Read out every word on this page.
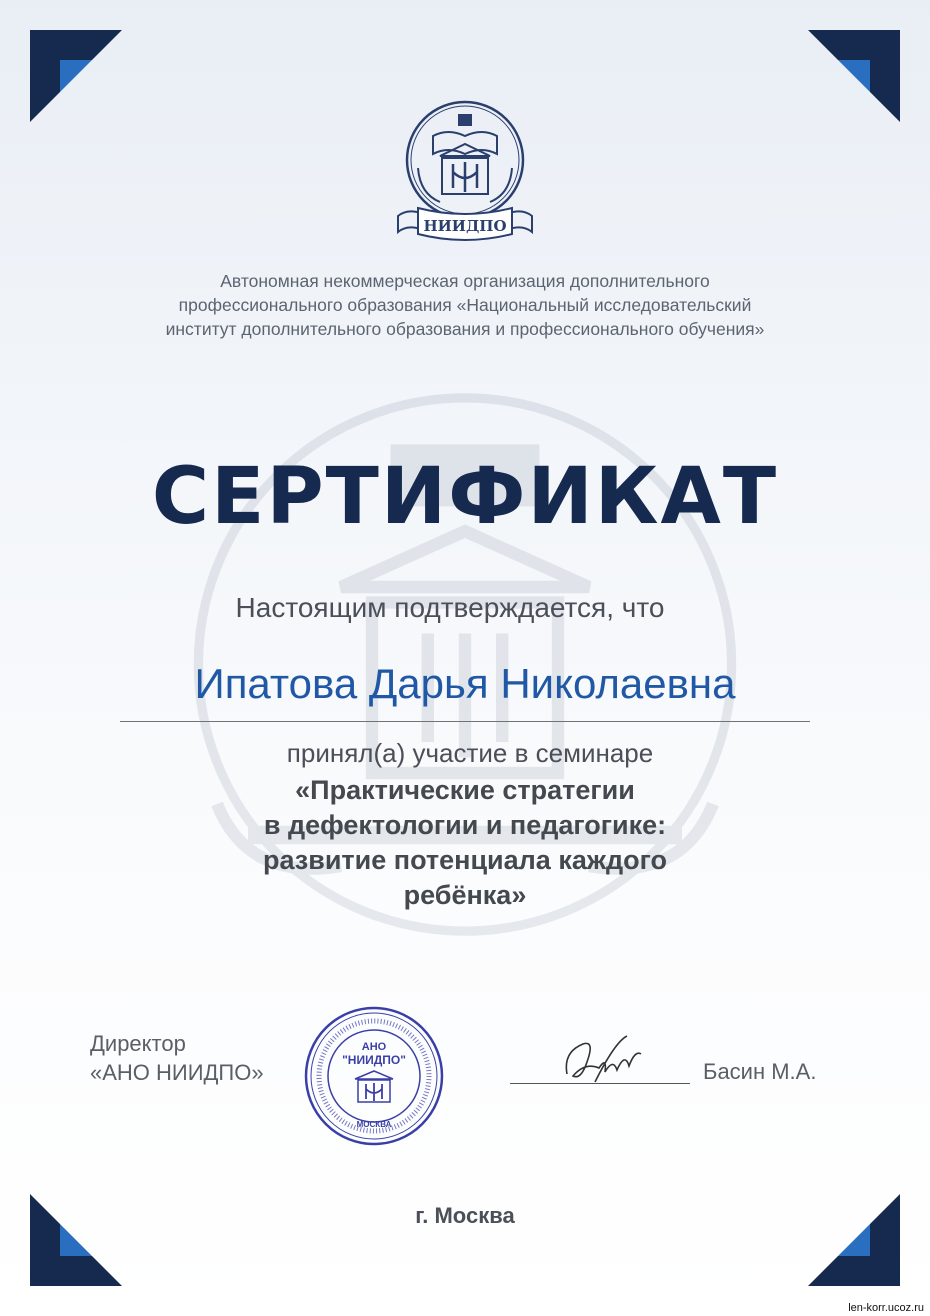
НИИДПО
Автономная некоммерческая организация дополнительного
профессионального образования «Национальный исследовательский
институт дополнительного образования и профессионального обучения»
СЕРТИФИКАТ
Настоящим подтверждается, что
Ипатова Дарья Николаевна
принял(а) участие в семинаре
«Практические стратегии
в дефектологии и педагогике:
развитие потенциала каждого
ребёнка»
Директор
«АНО НИИДПО»
АНО
"НИИДПО"
МОСКВА
Басин М.А.
г. Москва
len-korr.ucoz.ru
